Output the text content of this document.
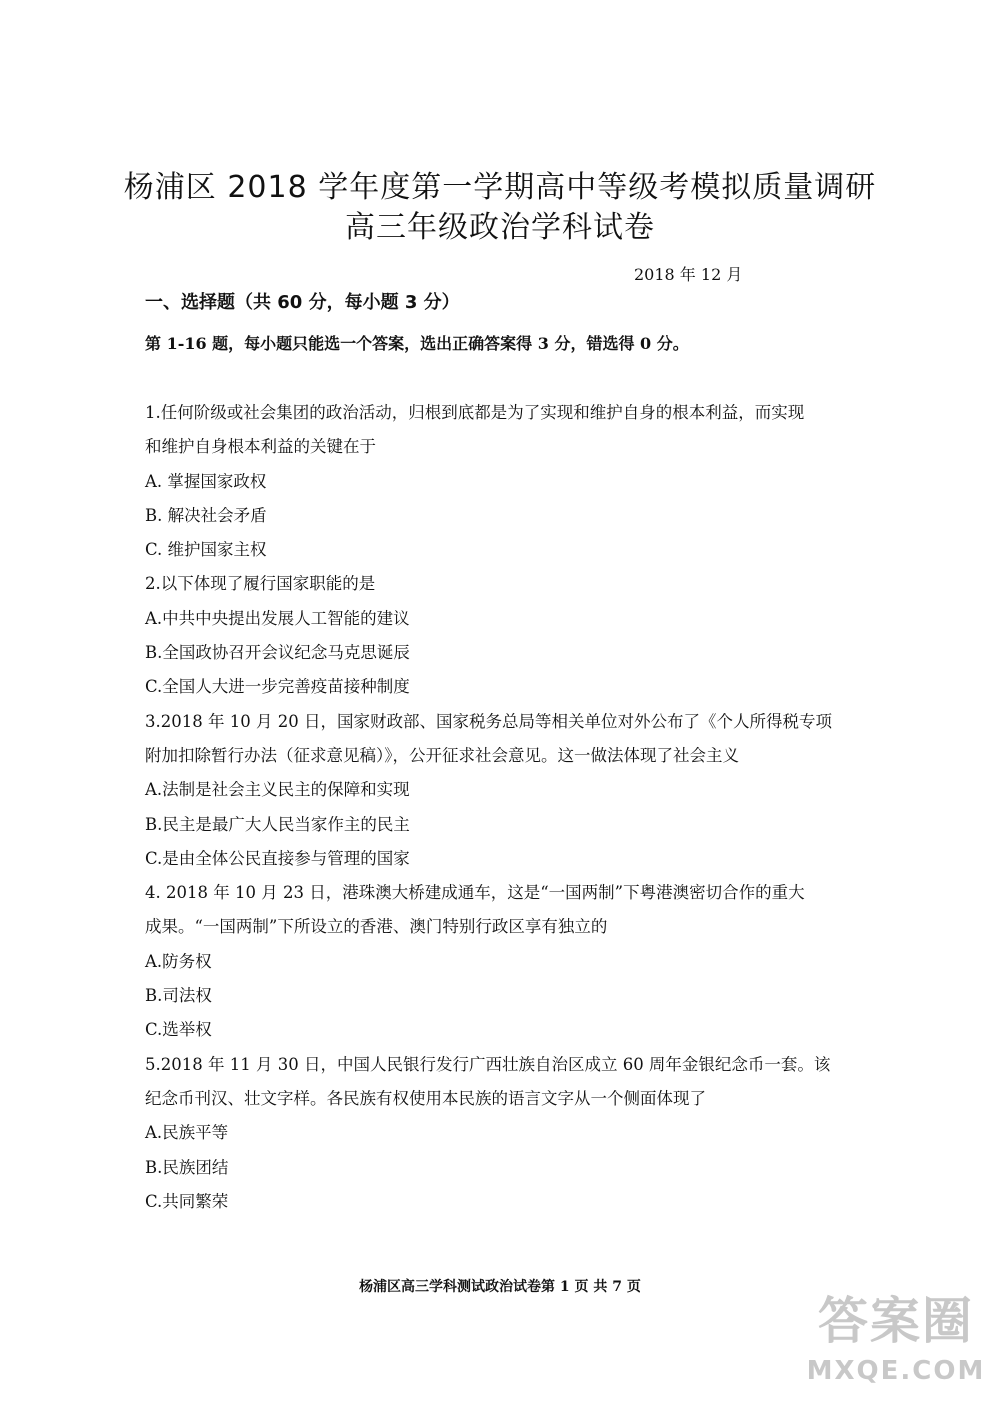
杨浦区 2018 学年度第一学期高中等级考模拟质量调研
高三年级政治学科试卷
2018 年 12 月
一、选择题（共 60 分，每小题 3 分）
第 1-16 题，每小题只能选一个答案，选出正确答案得 3 分，错选得 0 分。

1.任何阶级或社会集团的政治活动，归根到底都是为了实现和维护自身的根本利益，而实现

和维护自身根本利益的关键在于

A. 掌握国家政权

B. 解决社会矛盾

C. 维护国家主权

2.以下体现了履行国家职能的是

A.中共中央提出发展人工智能的建议

B.全国政协召开会议纪念马克思诞辰

C.全国人大进一步完善疫苗接种制度

3.2018 年 10 月 20 日，国家财政部、国家税务总局等相关单位对外公布了《个人所得税专项

附加扣除暂行办法（征求意见稿）》，公开征求社会意见。这一做法体现了社会主义

A.法制是社会主义民主的保障和实现

B.民主是最广大人民当家作主的民主

C.是由全体公民直接参与管理的国家

4. 2018 年 10 月 23 日，港珠澳大桥建成通车，这是“一国两制”下粤港澳密切合作的重大

成果。“一国两制”下所设立的香港、澳门特别行政区享有独立的

A.防务权

B.司法权

C.选举权

5.2018 年 11 月 30 日，中国人民银行发行广西壮族自治区成立 60 周年金银纪念币一套。该

纪念币刊汉、壮文字样。各民族有权使用本民族的语言文字从一个侧面体现了

A.民族平等

B.民族团结

C.共同繁荣

杨浦区高三学科测试政治试卷第 1 页 共 7 页
答案圈
MXQE.COM
